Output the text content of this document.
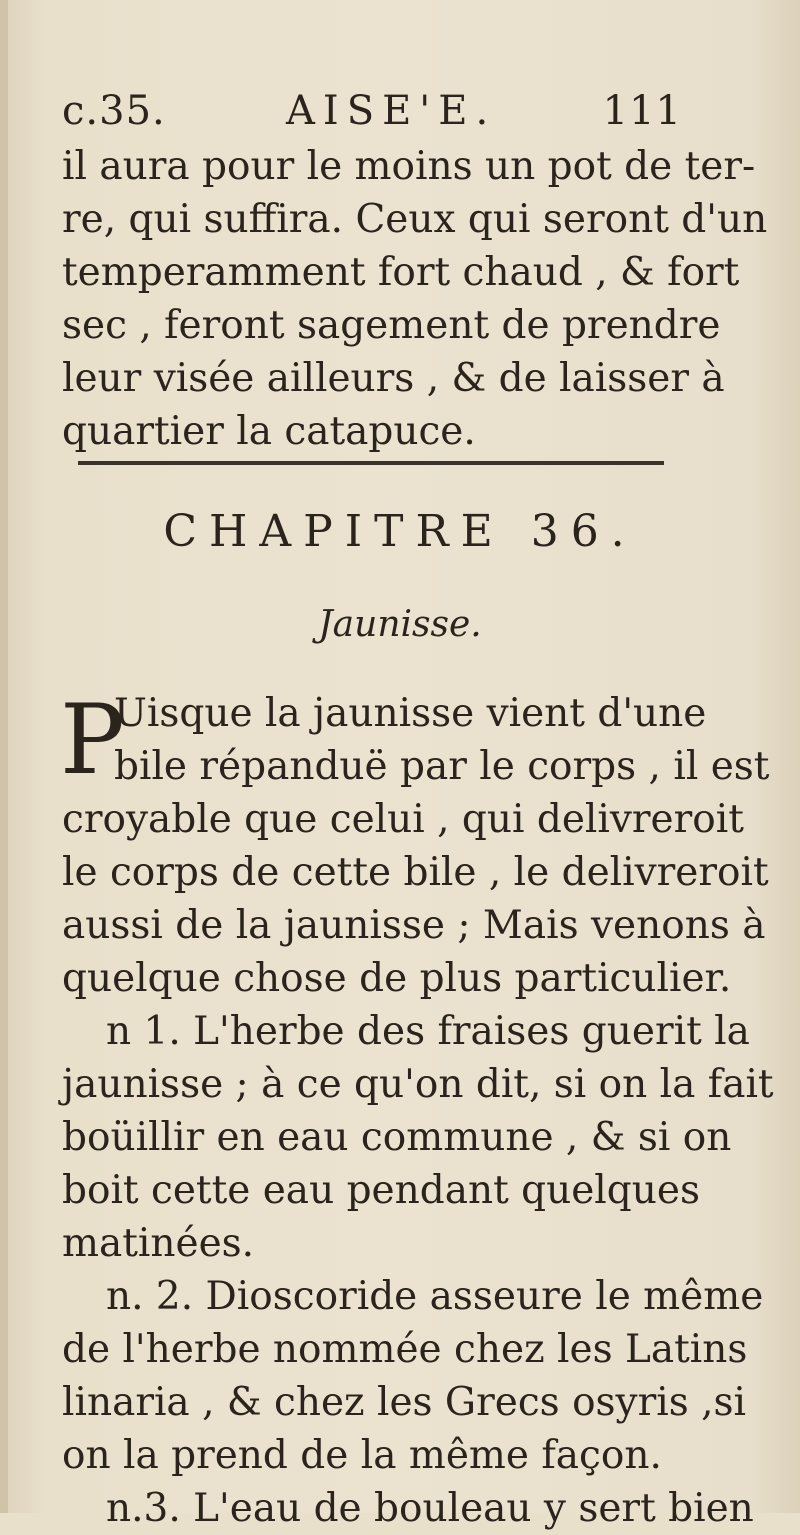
c.35.	AISE'E.	111
il aura pour le moins un pot de ter-
re, qui suffira. Ceux qui seront d'un
temperamment fort chaud , & fort
sec , feront sagement de prendre
leur visée ailleurs , & de laisser à
quartier la catapuce.
CHAPITRE 36.
Jaunisse.
P
Uisque la jaunisse vient d'une
bile répanduë par le corps , il est
croyable que celui , qui delivreroit
le corps de cette bile , le delivreroit
aussi de la jaunisse ; Mais venons à
quelque chose de plus particulier.
n 1. L'herbe des fraises guerit la
jaunisse ; à ce qu'on dit, si on la fait
boüillir en eau commune , & si on
boit cette eau pendant quelques
matinées.
n. 2. Dioscoride asseure le même
de l'herbe nommée chez les Latins
linaria , & chez les Grecs osyris ,si
on la prend de la même façon.
n.3. L'eau de bouleau y sert bien
